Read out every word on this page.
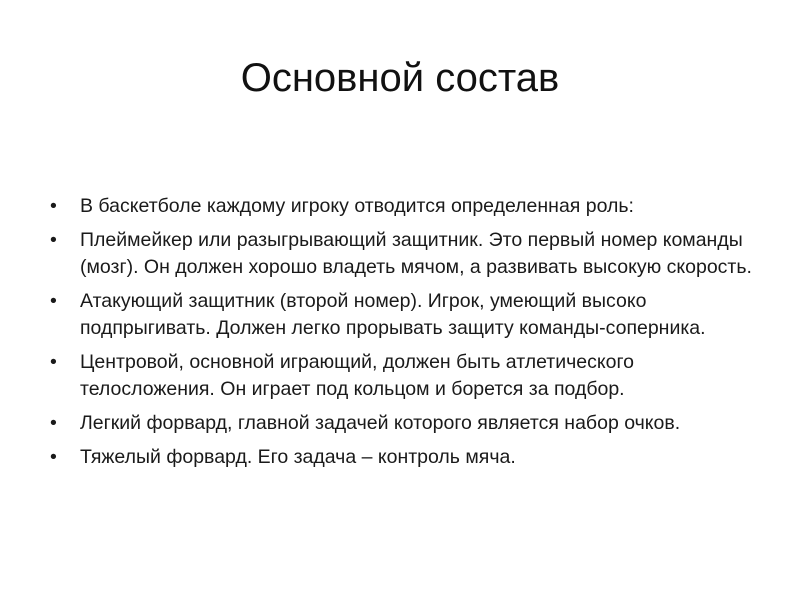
Основной состав
•	В баскетболе каждому игроку отводится определенная роль:
•	Плеймейкер или разыгрывающий защитник. Это первый номер команды (мозг). Он должен хорошо владеть мячом, а развивать высокую скорость.
•	Атакующий защитник (второй номер). Игрок, умеющий высоко подпрыгивать. Должен легко прорывать защиту команды-соперника.
•	Центровой, основной играющий, должен быть атлетического телосложения. Он играет под кольцом и борется за подбор.
•	Легкий форвард, главной задачей которого является набор очков.
•	Тяжелый форвард. Его задача – контроль мяча.
